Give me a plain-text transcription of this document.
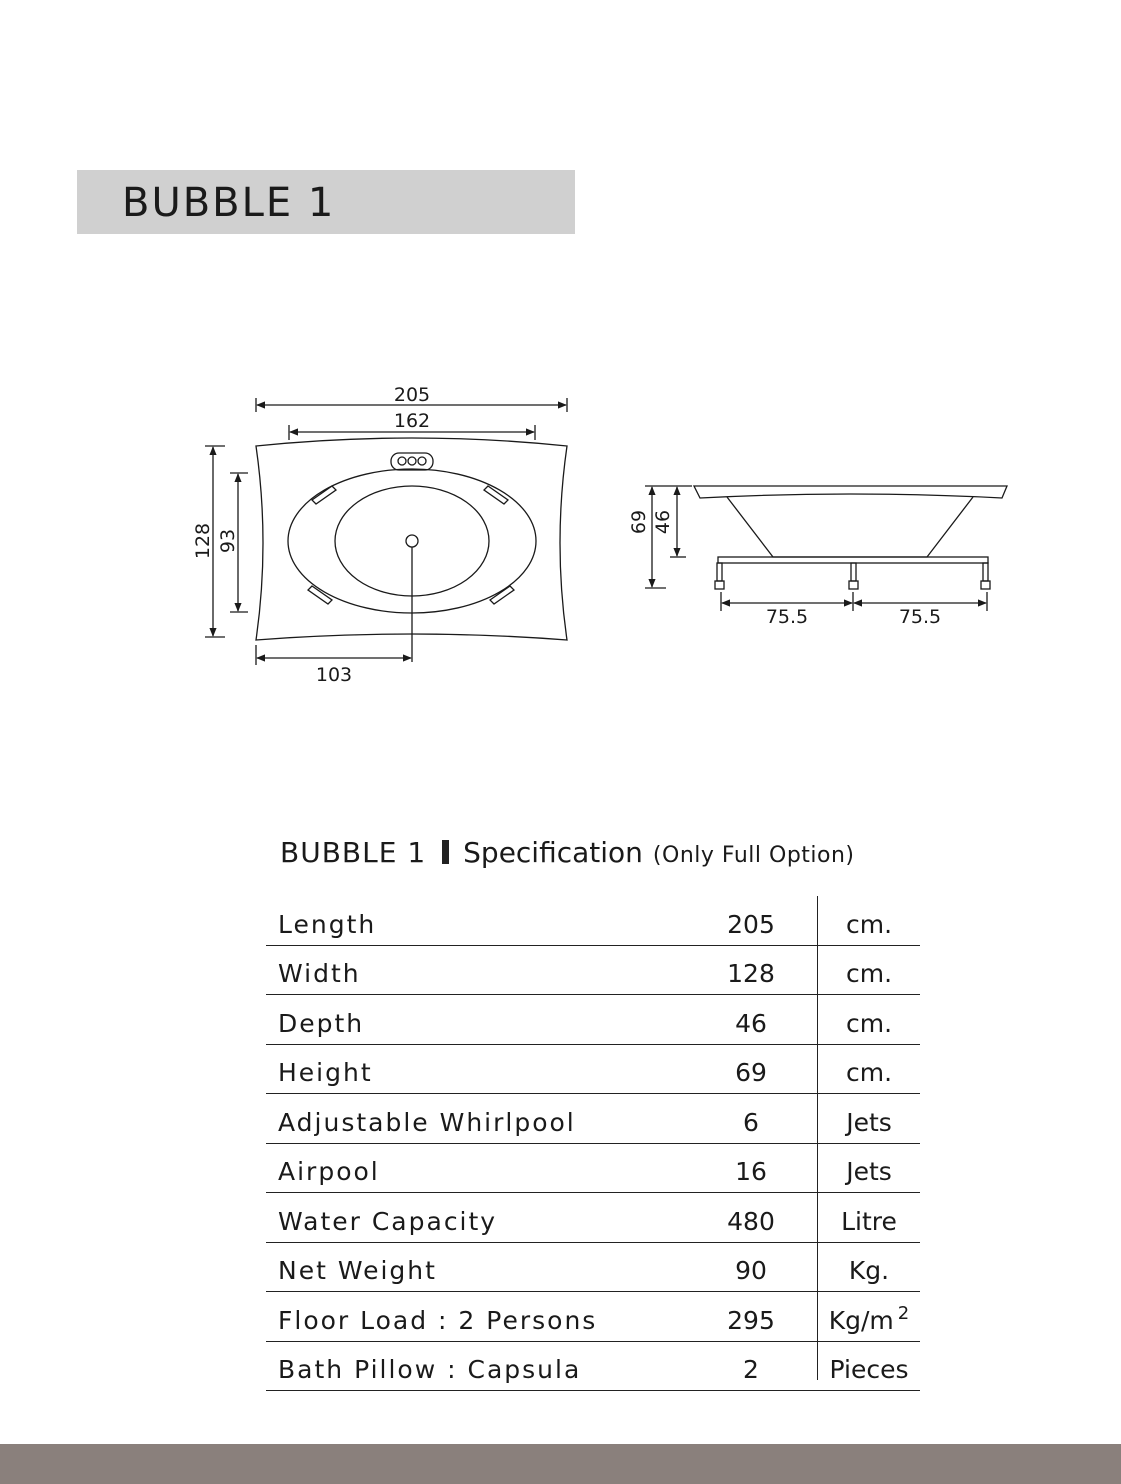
BUBBLE 1
205
162
128 93
103
69 46
75.5	75.5
BUBBLE 1 Specification (Only Full Option)
Length	205	cm.
Width	128	cm.
Depth	46	cm.
Height	69	cm.
Adjustable Whirlpool	6	Jets
Airpool	16	Jets
Water Capacity	480	Litre
Net Weight	90	Kg.
Floor Load : 2 Persons	295	Kg/m $^2$
Bath Pillow : Capsula	2	Pieces
